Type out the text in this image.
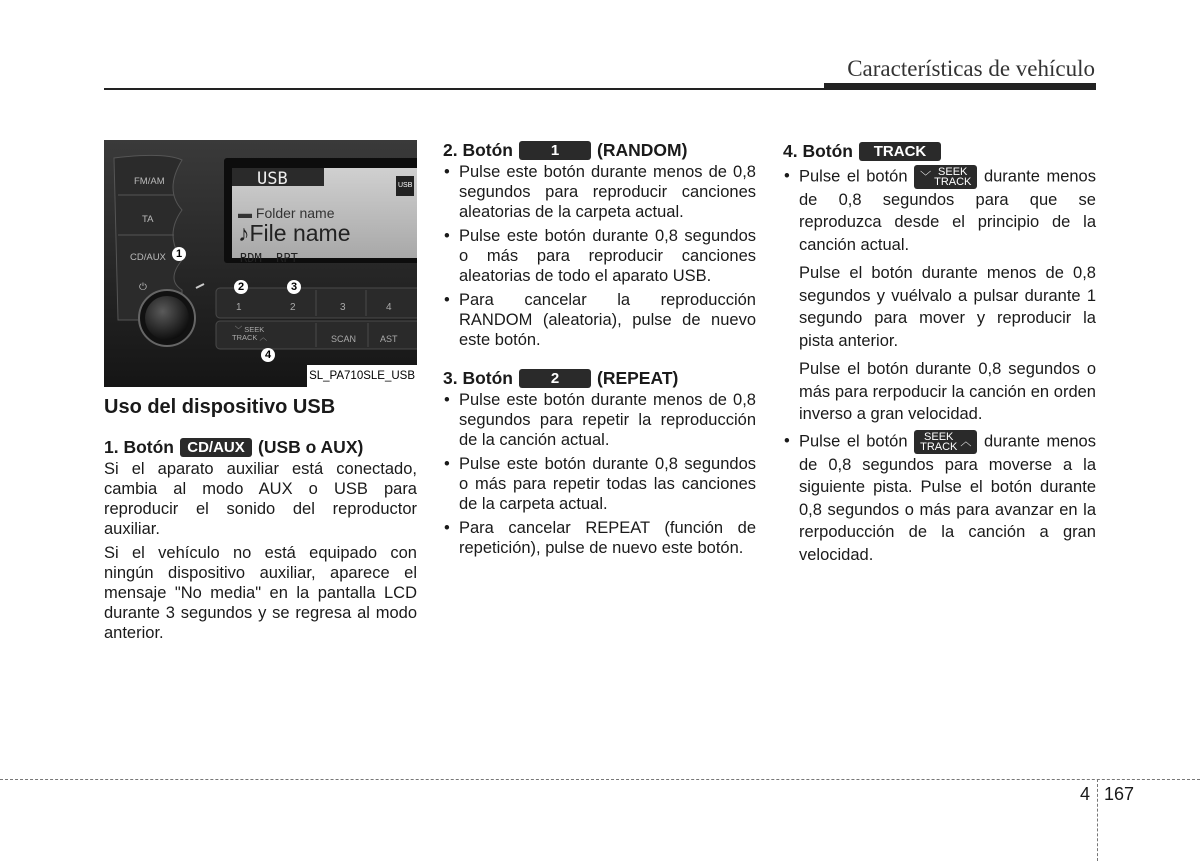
Características de vehículo
⏻
FM/AM
TA
CD/AUX
USB	USB
▬ Folder name
♪File name
RDM RPT
1	2	3	4
﹀ SEEK
TRACK ︿	SCAN	AST
1
2	3
4
SL_PA710SLE_USB
Uso del dispositivo USB
1. Botón CD/AUX (USB o AUX)

Si el aparato auxiliar está conectado, cambia al modo AUX o USB para reproducir el sonido del reproductor auxiliar.

Si el vehículo no está equipado con ningún dispositivo auxiliar, aparece el mensaje "No media" en la pantalla LCD durante 3 segundos y se regresa al modo anterior.

2. Botón	1	(RANDOM)
• Pulse este botón durante menos de 0,8 segundos para reproducir canciones aleatorias de la carpeta actual.
• Pulse este botón durante 0,8 segundos o más para reproducir canciones aleatorias de todo el aparato USB.
• Para cancelar la reproducción RANDOM (aleatoria), pulse de nuevo este botón.
3. Botón	2	(REPEAT)
• Pulse este botón durante menos de 0,8 segundos para repetir la reproducción de la canción actual.
• Pulse este botón durante 0,8 segundos o más para repetir todas las canciones de la carpeta actual.
• Para cancelar REPEAT (función de repetición), pulse de nuevo este botón.
4. Botón	TRACK
• Pulse el botón ﹀ SEEK
TRACK durante menos de 0,8 segundos para que se reproduzca desde el principio de la canción actual.

Pulse el botón durante menos de 0,8 segundos y vuélvalo a pulsar durante 1 segundo para mover y reproducir la pista anterior.

Pulse el botón durante 0,8 segundos o más para rerpoducir la canción en orden inverso a gran velocidad.

• Pulse el botón	SEEK
TRACK ︿ durante menos de 0,8 segundos para moverse a la siguiente pista. Pulse el botón durante 0,8 segundos o más para avanzar en la rerpoducción de la canción a gran velocidad.
4 167
